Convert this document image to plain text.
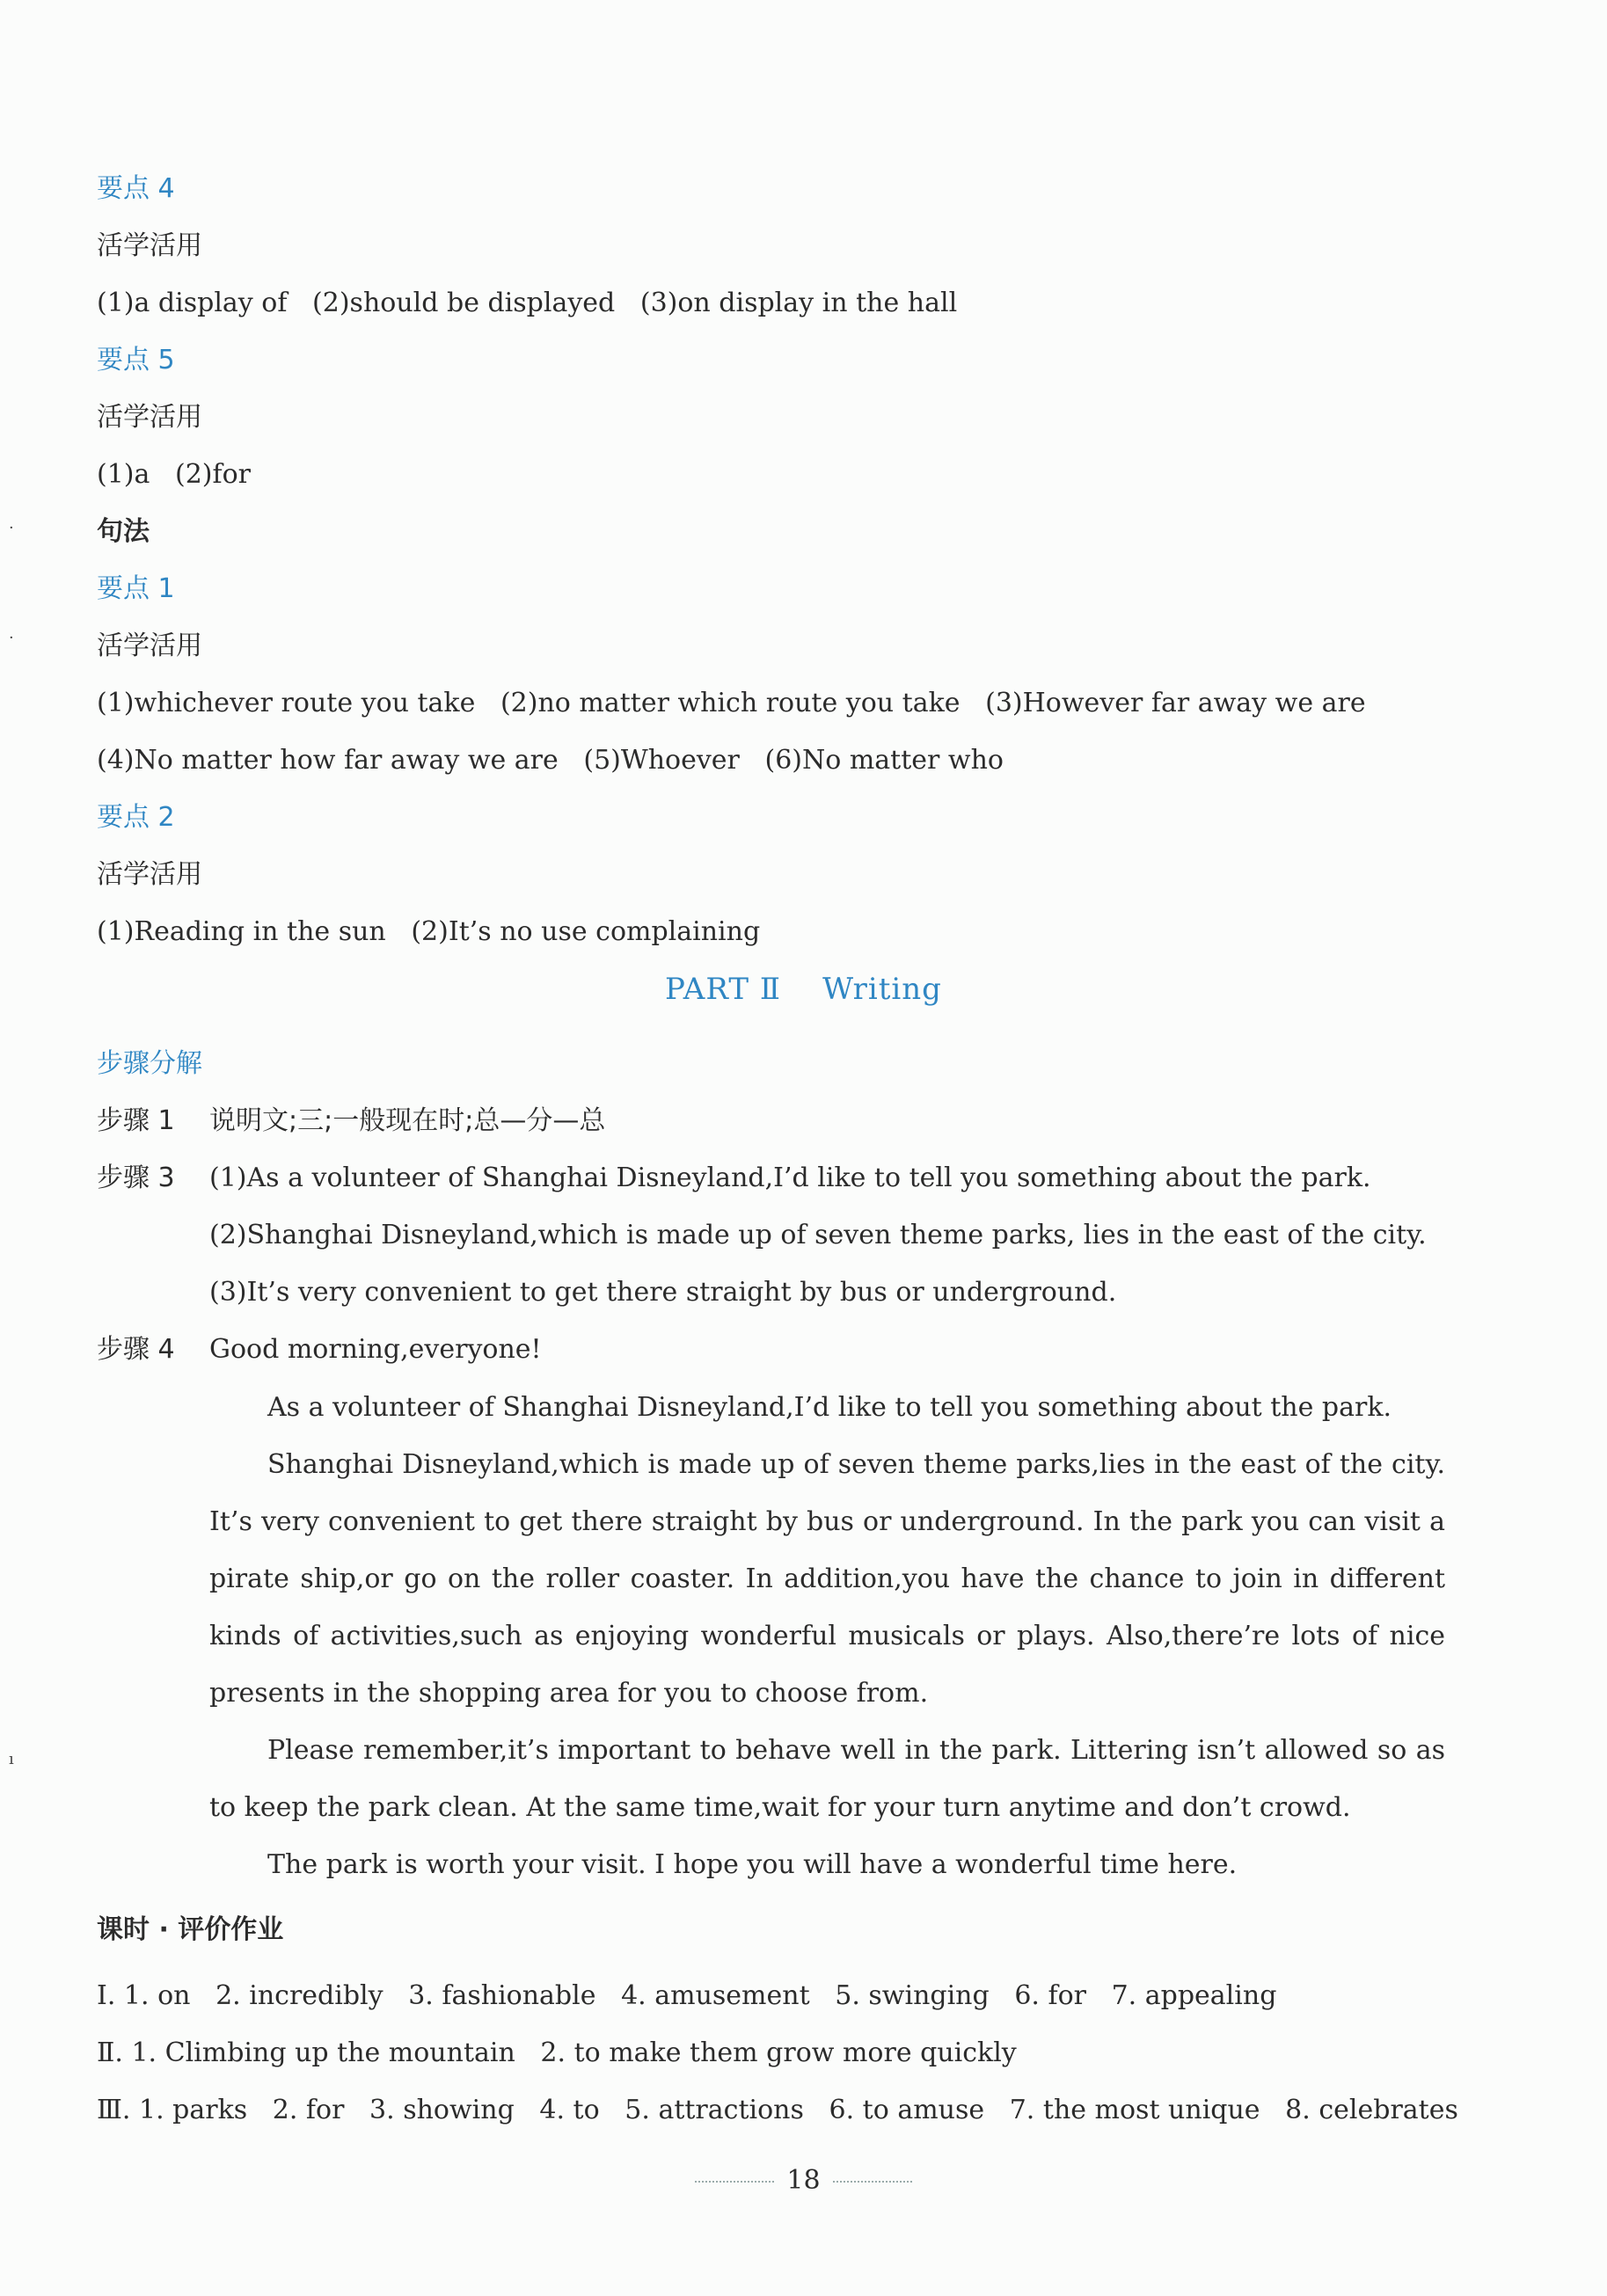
要点 4
活学活用
(1)a display of   (2)should be displayed   (3)on display in the hall
要点 5
活学活用
(1)a   (2)for
句法
要点 1
活学活用
(1)whichever route you take   (2)no matter which route you take   (3)However far away we are
(4)No matter how far away we are   (5)Whoever   (6)No matter who
要点 2
活学活用
(1)Reading in the sun   (2)It’s no use complaining
PART Ⅱ    Writing
步骤分解
步骤 1 说明文;三;一般现在时;总—分—总
步骤 3 (1)As a volunteer of Shanghai Disneyland,I’d like to tell you something about the park.
(2)Shanghai Disneyland,which is made up of seven theme parks, lies in the east of the city.
(3)It’s very convenient to get there straight by bus or underground.
步骤 4 Good morning,everyone!

As a volunteer of Shanghai Disneyland,I’d like to tell you something about the park.

Shanghai Disneyland,which is made up of seven theme parks,lies in the east of the city. It’s very convenient to get there straight by bus or underground. In the park you can visit a pirate ship,or go on the roller coaster. In addition,you have the chance to join in different kinds of activities,such as enjoying wonderful musicals or plays. Also,there’re lots of nice presents in the shopping area for you to choose from.

Please remember,it’s important to behave well in the park. Littering isn’t allowed so as to keep the park clean. At the same time,wait for your turn anytime and don’t crowd.

The park is worth your visit. I hope you will have a wonderful time here.

课时 · 评价作业
Ⅰ. 1. on   2. incredibly   3. fashionable   4. amusement   5. swinging   6. for   7. appealing
Ⅱ. 1. Climbing up the mountain   2. to make them grow more quickly
Ⅲ. 1. parks   2. for   3. showing   4. to   5. attractions   6. to amuse   7. the most unique   8. celebrates
18
·
·
ı
